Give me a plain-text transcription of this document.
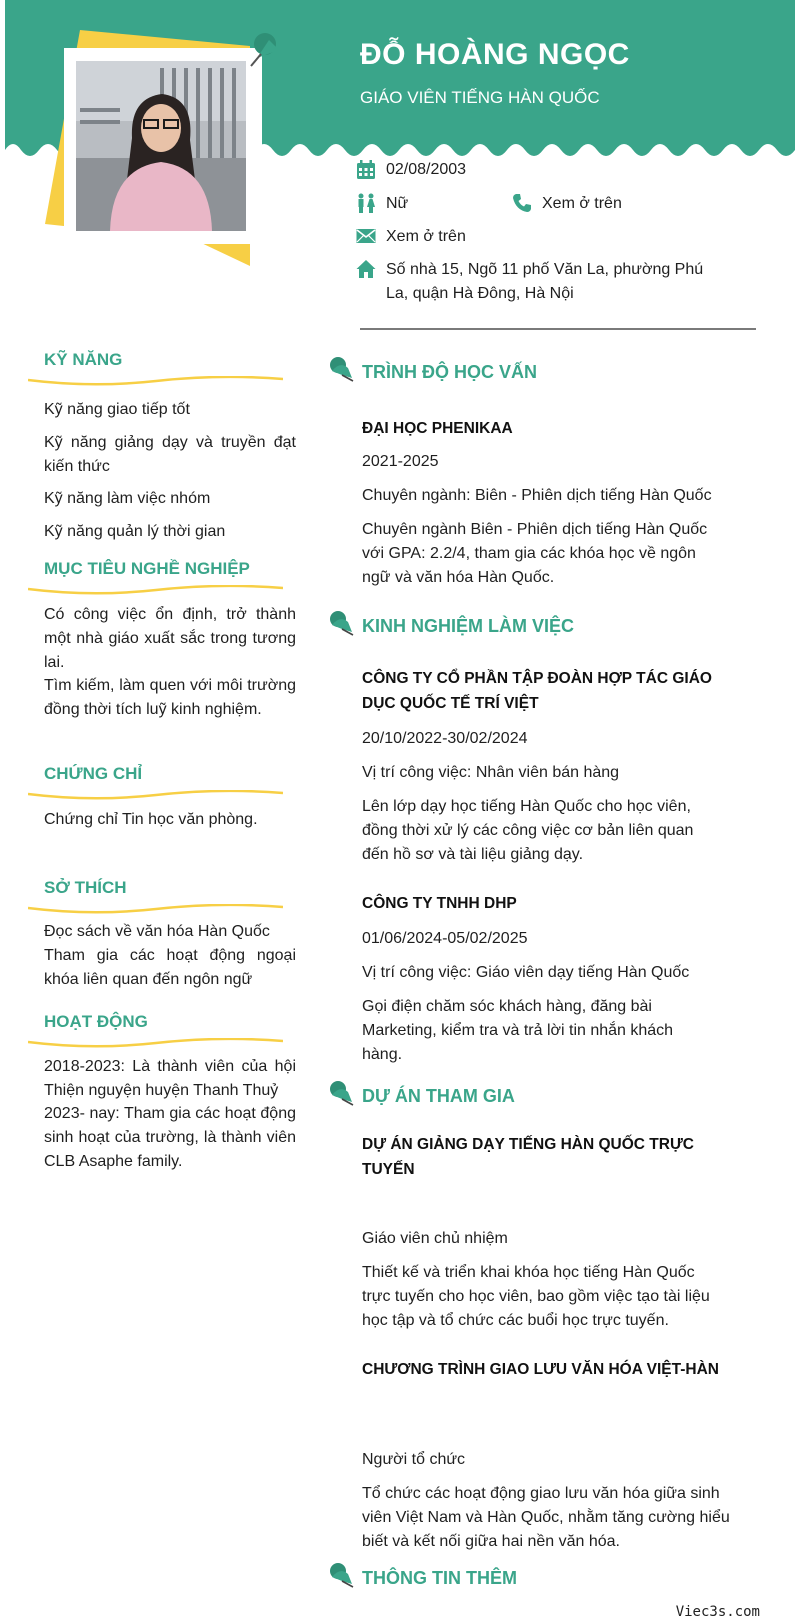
ĐỖ HOÀNG NGỌC
GIÁO VIÊN TIẾNG HÀN QUỐC
02/08/2003
Nữ	Xem ở trên
Xem ở trên
Số nhà 15, Ngõ 11 phố Văn La, phường Phú La, quận Hà Đông, Hà Nội
KỸ NĂNG
Kỹ năng giao tiếp tốt
Kỹ năng giảng dạy và truyền đạt kiến thức
Kỹ năng làm việc nhóm
Kỹ năng quản lý thời gian
MỤC TIÊU NGHỀ NGHIỆP
Có công việc ổn định, trở thành một nhà giáo xuất sắc trong tương lai.
Tìm kiếm, làm quen với môi trường đồng thời tích luỹ kinh nghiệm.
CHỨNG CHỈ
Chứng chỉ Tin học văn phòng.
SỞ THÍCH
Đọc sách về văn hóa Hàn Quốc
Tham gia các hoạt động ngoại khóa liên quan đến ngôn ngữ
HOẠT ĐỘNG
2018-2023: Là thành viên của hội Thiện nguyện huyện Thanh Thuỷ
2023- nay: Tham gia các hoạt động sinh hoạt của trường, là thành viên CLB Asaphe family.
TRÌNH ĐỘ HỌC VẤN
ĐẠI HỌC PHENIKAA
2021-2025
Chuyên ngành: Biên - Phiên dịch tiếng Hàn Quốc
Chuyên ngành Biên - Phiên dịch tiếng Hàn Quốc với GPA: 2.2/4, tham gia các khóa học về ngôn ngữ và văn hóa Hàn Quốc.
KINH NGHIỆM LÀM VIỆC
CÔNG TY CỔ PHẦN TẬP ĐOÀN HỢP TÁC GIÁO DỤC QUỐC TẾ TRÍ VIỆT
20/10/2022-30/02/2024
Vị trí công việc: Nhân viên bán hàng
Lên lớp dạy học tiếng Hàn Quốc cho học viên, đồng thời xử lý các công việc cơ bản liên quan đến hồ sơ và tài liệu giảng dạy.
CÔNG TY TNHH DHP
01/06/2024-05/02/2025
Vị trí công việc: Giáo viên dạy tiếng Hàn Quốc
Gọi điện chăm sóc khách hàng, đăng bài Marketing, kiểm tra và trả lời tin nhắn khách hàng.
DỰ ÁN THAM GIA
DỰ ÁN GIẢNG DẠY TIẾNG HÀN QUỐC TRỰC TUYẾN
Giáo viên chủ nhiệm
Thiết kế và triển khai khóa học tiếng Hàn Quốc trực tuyến cho học viên, bao gồm việc tạo tài liệu học tập và tổ chức các buổi học trực tuyến.
CHƯƠNG TRÌNH GIAO LƯU VĂN HÓA VIỆT-HÀN
Người tổ chức
Tổ chức các hoạt động giao lưu văn hóa giữa sinh viên Việt Nam và Hàn Quốc, nhằm tăng cường hiểu biết và kết nối giữa hai nền văn hóa.
THÔNG TIN THÊM
Viec3s.com
